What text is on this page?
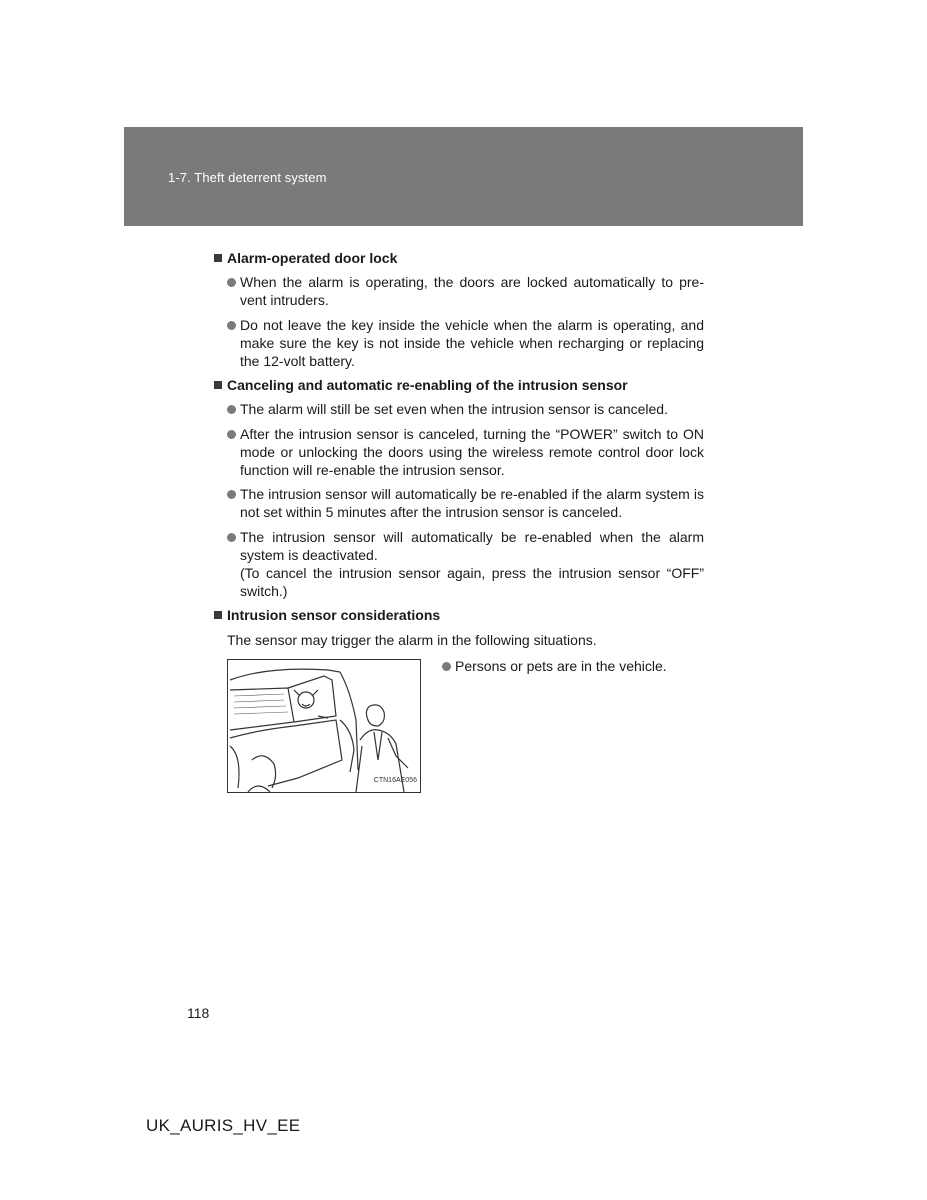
1-7. Theft deterrent system
Alarm-operated door lock
When the alarm is operating, the doors are locked automatically to pre-vent intruders.
Do not leave the key inside the vehicle when the alarm is operating, and make sure the key is not inside the vehicle when recharging or replacing the 12-volt battery.
Canceling and automatic re-enabling of the intrusion sensor
The alarm will still be set even when the intrusion sensor is canceled.
After the intrusion sensor is canceled, turning the “POWER” switch to ON mode or unlocking the doors using the wireless remote control door lock function will re-enable the intrusion sensor.
The intrusion sensor will automatically be re-enabled if the alarm system is not set within 5 minutes after the intrusion sensor is canceled.
The intrusion sensor will automatically be re-enabled when the alarm system is deactivated.
(To cancel the intrusion sensor again, press the intrusion sensor “OFF” switch.)
Intrusion sensor considerations
The sensor may trigger the alarm in the following situations.
CTN16AE056
Persons or pets are in the vehicle.
118
UK_AURIS_HV_EE
